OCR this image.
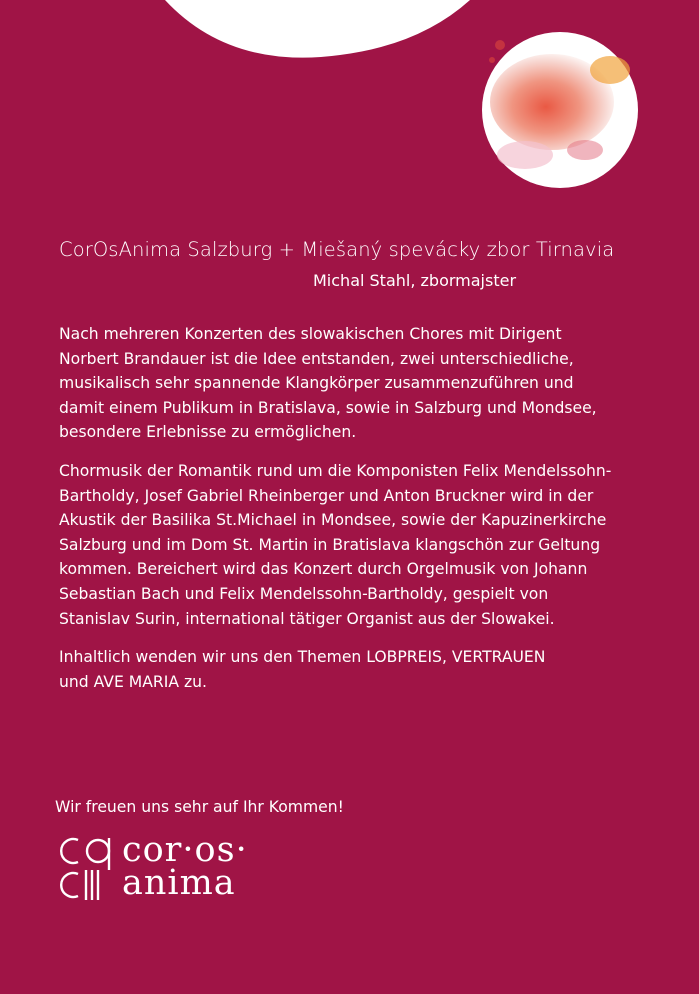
CorOsAnima Salzburg + Miešaný spevácky zbor Tirnavia
Michal Stahl, zbormajster

Nach mehreren Konzerten des slowakischen Chores mit Dirigent
Norbert Brandauer ist die Idee entstanden, zwei unterschiedliche,
musikalisch sehr spannende Klangkörper zusammenzuführen und
damit einem Publikum in Bratislava, sowie in Salzburg und Mondsee,
besondere Erlebnisse zu ermöglichen.

Chormusik der Romantik rund um die Komponisten Felix Mendelssohn-
Bartholdy, Josef Gabriel Rheinberger und Anton Bruckner wird in der
Akustik der Basilika St.Michael in Mondsee, sowie der Kapuzinerkirche
Salzburg und im Dom St. Martin in Bratislava klangschön zur Geltung
kommen. Bereichert wird das Konzert durch Orgelmusik von Johann
Sebastian Bach und Felix Mendelssohn-Bartholdy, gespielt von
Stanislav Surin, international tätiger Organist aus der Slowakei.

Inhaltlich wenden wir uns den Themen LOBPREIS, VERTRAUEN
und AVE MARIA zu.

Wir freuen uns sehr auf Ihr Kommen!
cor·os·
anima
